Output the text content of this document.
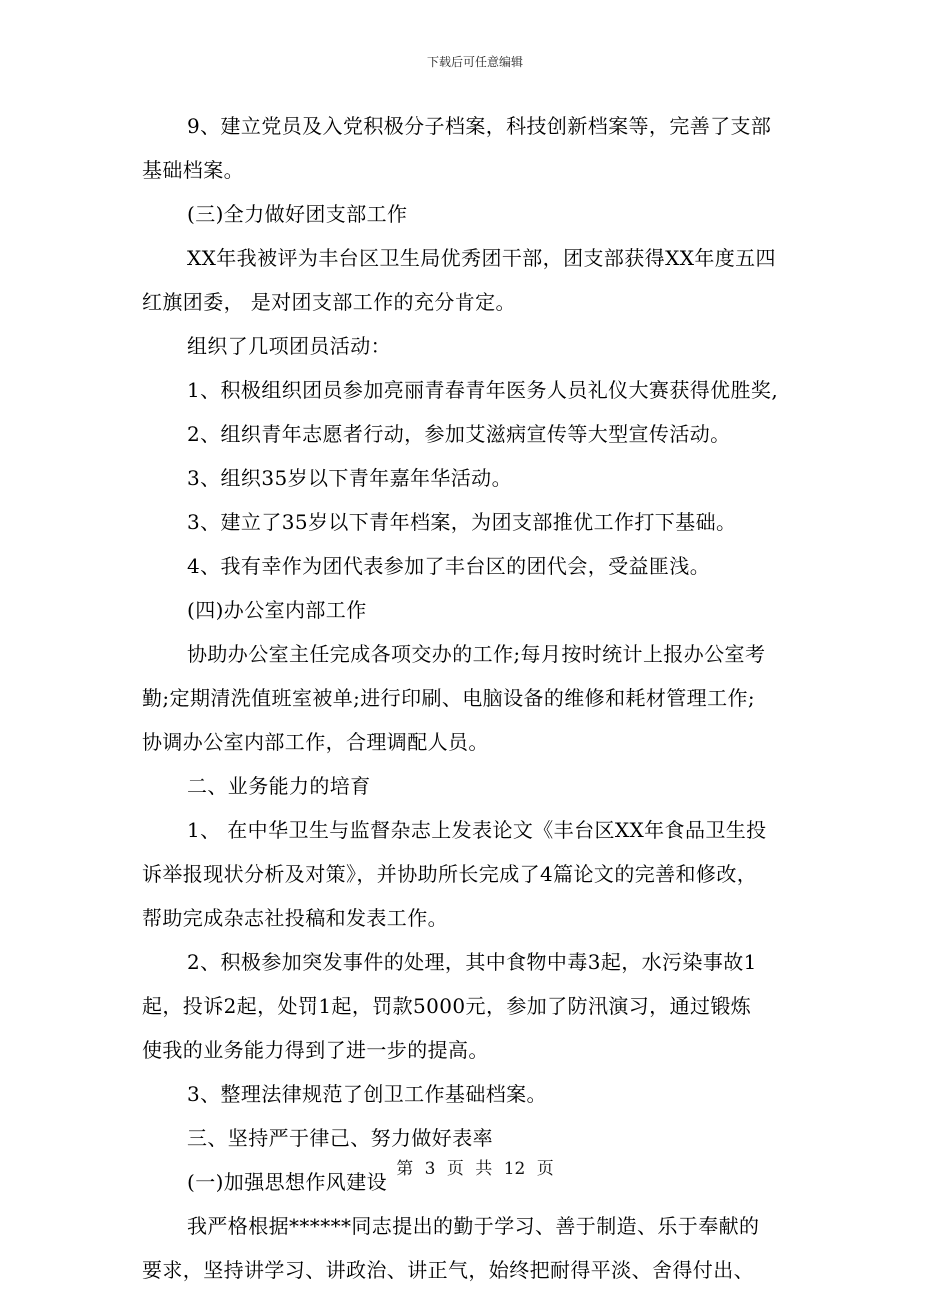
下载后可任意编辑
9、建立党员及入党积极分子档案，科技创新档案等，完善了支部
基础档案。
(三)全力做好团支部工作
XX年我被评为丰台区卫生局优秀团干部，团支部获得XX年度五四
红旗团委， 是对团支部工作的充分肯定。
组织了几项团员活动：
1、积极组织团员参加亮丽青春青年医务人员礼仪大赛获得优胜奖,
2、组织青年志愿者行动，参加艾滋病宣传等大型宣传活动。
3、组织35岁以下青年嘉年华活动。
3、建立了35岁以下青年档案，为团支部推优工作打下基础。
4、我有幸作为团代表参加了丰台区的团代会，受益匪浅。
(四)办公室内部工作
协助办公室主任完成各项交办的工作;每月按时统计上报办公室考
勤;定期清洗值班室被单;进行印刷、电脑设备的维修和耗材管理工作;
协调办公室内部工作，合理调配人员。
二、业务能力的培育
1、 在中华卫生与监督杂志上发表论文《丰台区XX年食品卫生投
诉举报现状分析及对策》，并协助所长完成了4篇论文的完善和修改，
帮助完成杂志社投稿和发表工作。
2、积极参加突发事件的处理，其中食物中毒3起，水污染事故1
起，投诉2起，处罚1起，罚款5000元，参加了防汛演习，通过锻炼
使我的业务能力得到了进一步的提高。
3、整理法律规范了创卫工作基础档案。
三、坚持严于律己、努力做好表率
(一)加强思想作风建设
我严格根据******同志提出的勤于学习、善于制造、乐于奉献的
要求，坚持讲学习、讲政治、讲正气，始终把耐得平淡、舍得付出、
第 3 页 共 12 页
